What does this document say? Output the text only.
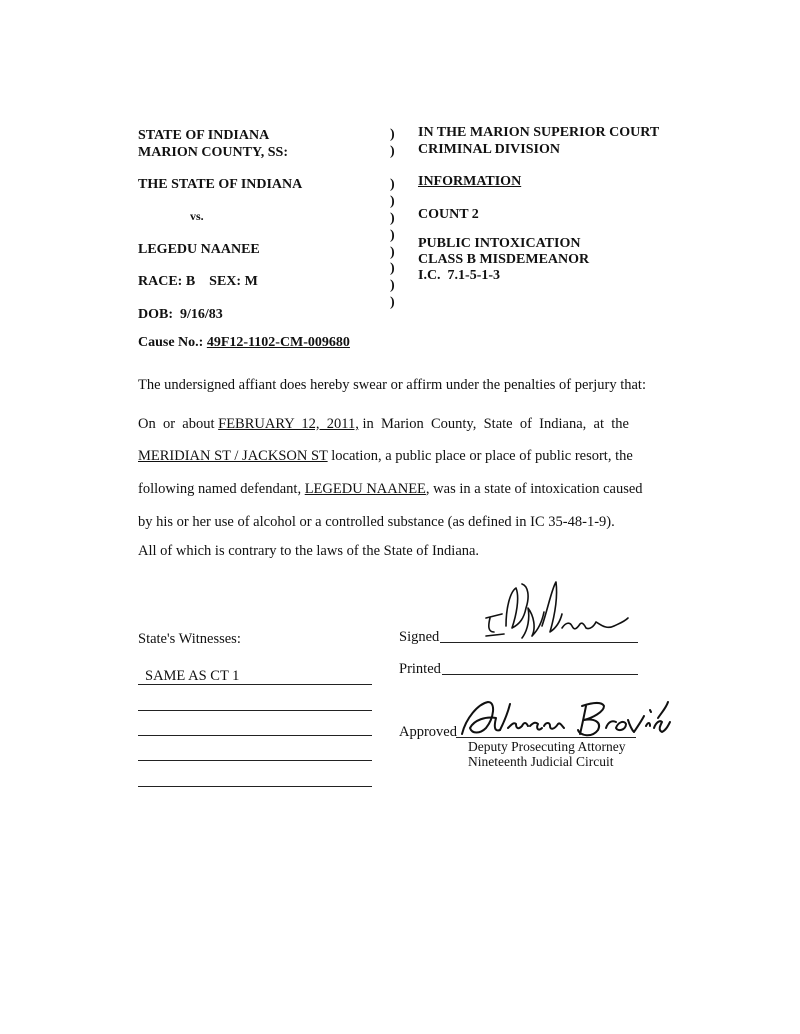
STATE OF INDIANA
MARION COUNTY, SS:
THE STATE OF INDIANA
vs.
LEGEDU NAANEE
RACE: B    SEX: M
DOB:  9/16/83
)
)

)
)
)
)
)
)
)
)
IN THE MARION SUPERIOR COURT
CRIMINAL DIVISION
INFORMATION
COUNT 2
PUBLIC INTOXICATION
CLASS B MISDEMEANOR
I.C.  7.1-5-1-3
Cause No.: 49F12-1102-CM-009680
The undersigned affiant does hereby swear or affirm under the penalties of perjury that:
On  or  about FEBRUARY  12,  2011, in  Marion  County,  State  of  Indiana,  at  the
MERIDIAN ST / JACKSON ST location, a public place or place of public resort, the
following named defendant, LEGEDU NAANEE, was in a state of intoxication caused
by his or her use of alcohol or a controlled substance (as defined in IC 35-48-1-9).
All of which is contrary to the laws of the State of Indiana.
State's Witnesses:
SAME AS CT 1
Signed
Printed
Approved
Deputy Prosecuting Attorney
Nineteenth Judicial Circuit
